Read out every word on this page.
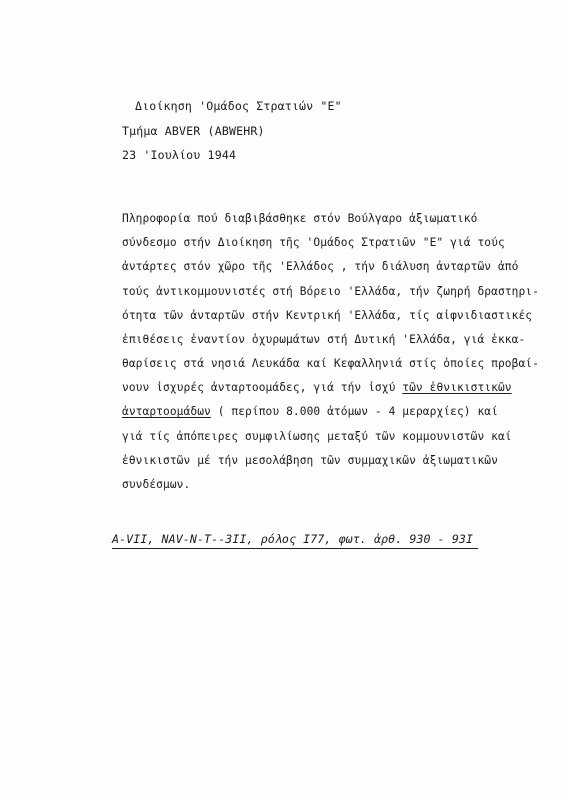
Διοίκηση 'Ομάδος Στρατιών "Ε"
Τμήμα ABVER (ABWEHR)
23 'Ιουλίου 1944
Πληροφορία πού διαβιβάσθηκε στόν Βούλγαρο ἀξιωματικό
σύνδεσμο στήν Διοίκηση τῆς 'Ομάδος Στρατιῶν "Ε" γιά τούς
ἀντάρτες στόν χῶρο τῆς 'Ελλάδος , τήν διάλυση ἀνταρτῶν ἀπό
τούς ἀντικομμουνιστές στή Βόρειο 'Ελλάδα, τήν ζωηρή δραστηρι-
ότητα τῶν ἀνταρτῶν στήν Κεντρική 'Ελλάδα, τίς αἰφνιδιαστικές
ἐπιθέσεις ἐναντίον ὀχυρωμάτων στή Δυτική 'Ελλάδα, γιά ἐκκα-
θαρίσεις στά νησιά Λευκάδα καί Κεφαλληνιά στίς ὁποίες προβαί-
νουν ἰσχυρές ἀνταρτοομάδες, γιά τήν ἰσχύ τῶν ἐθνικιστικῶν
ἀνταρτοομάδων ( περίπου 8.000 ἀτόμων - 4 μεραρχίες) καί
γιά τίς ἀπόπειρες συμφιλίωσης μεταξύ τῶν κομμουνιστῶν καί
ἐθνικιστῶν μέ τήν μεσολάβηση τῶν συμμαχικῶν ἀξιωματικῶν
συνδέσμων.
A-VII, NAV-N-T--3II, ρόλος I77, φωτ. ἀρθ. 930 - 93I
